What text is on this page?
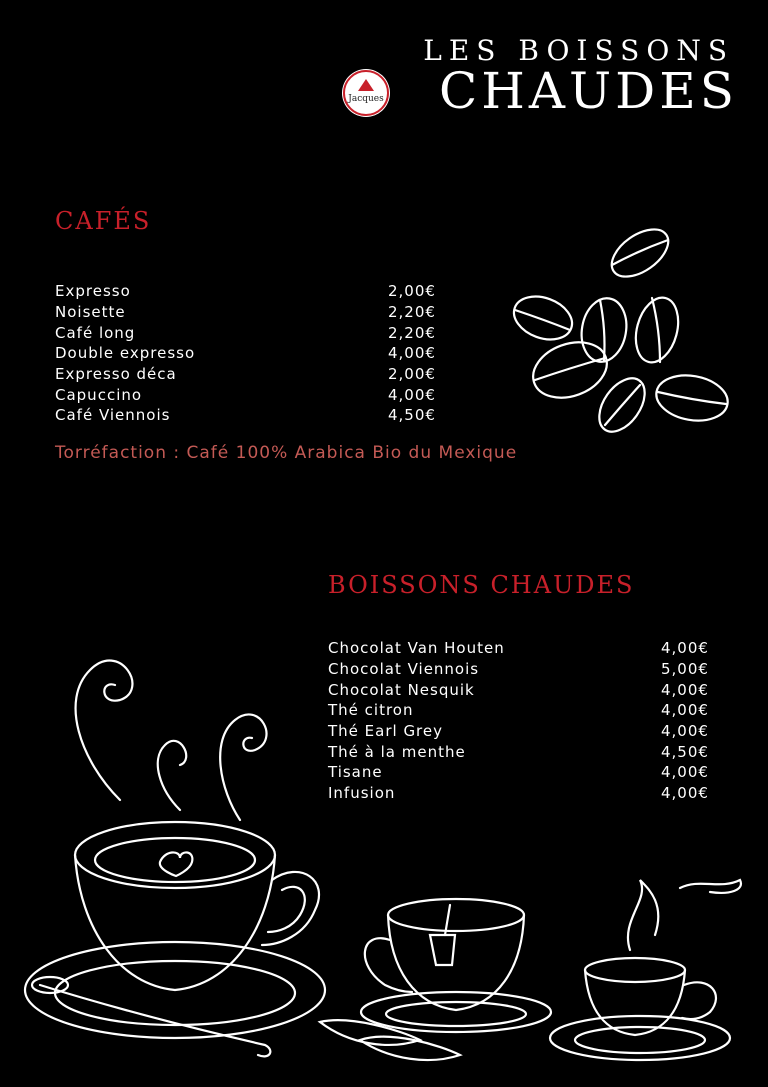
Jacques
LES BOISSONS
CHAUDES
CAFÉS
Expresso	2,00€
Noisette	2,20€
Café long	2,20€
Double expresso	4,00€
Expresso déca	2,00€
Capuccino	4,00€
Café Viennois	4,50€
Torréfaction : Café 100% Arabica Bio du Mexique
BOISSONS CHAUDES
Chocolat Van Houten	4,00€
Chocolat Viennois	5,00€
Chocolat Nesquik	4,00€
Thé citron	4,00€
Thé Earl Grey	4,00€
Thé à la menthe	4,50€
Tisane	4,00€
Infusion	4,00€
